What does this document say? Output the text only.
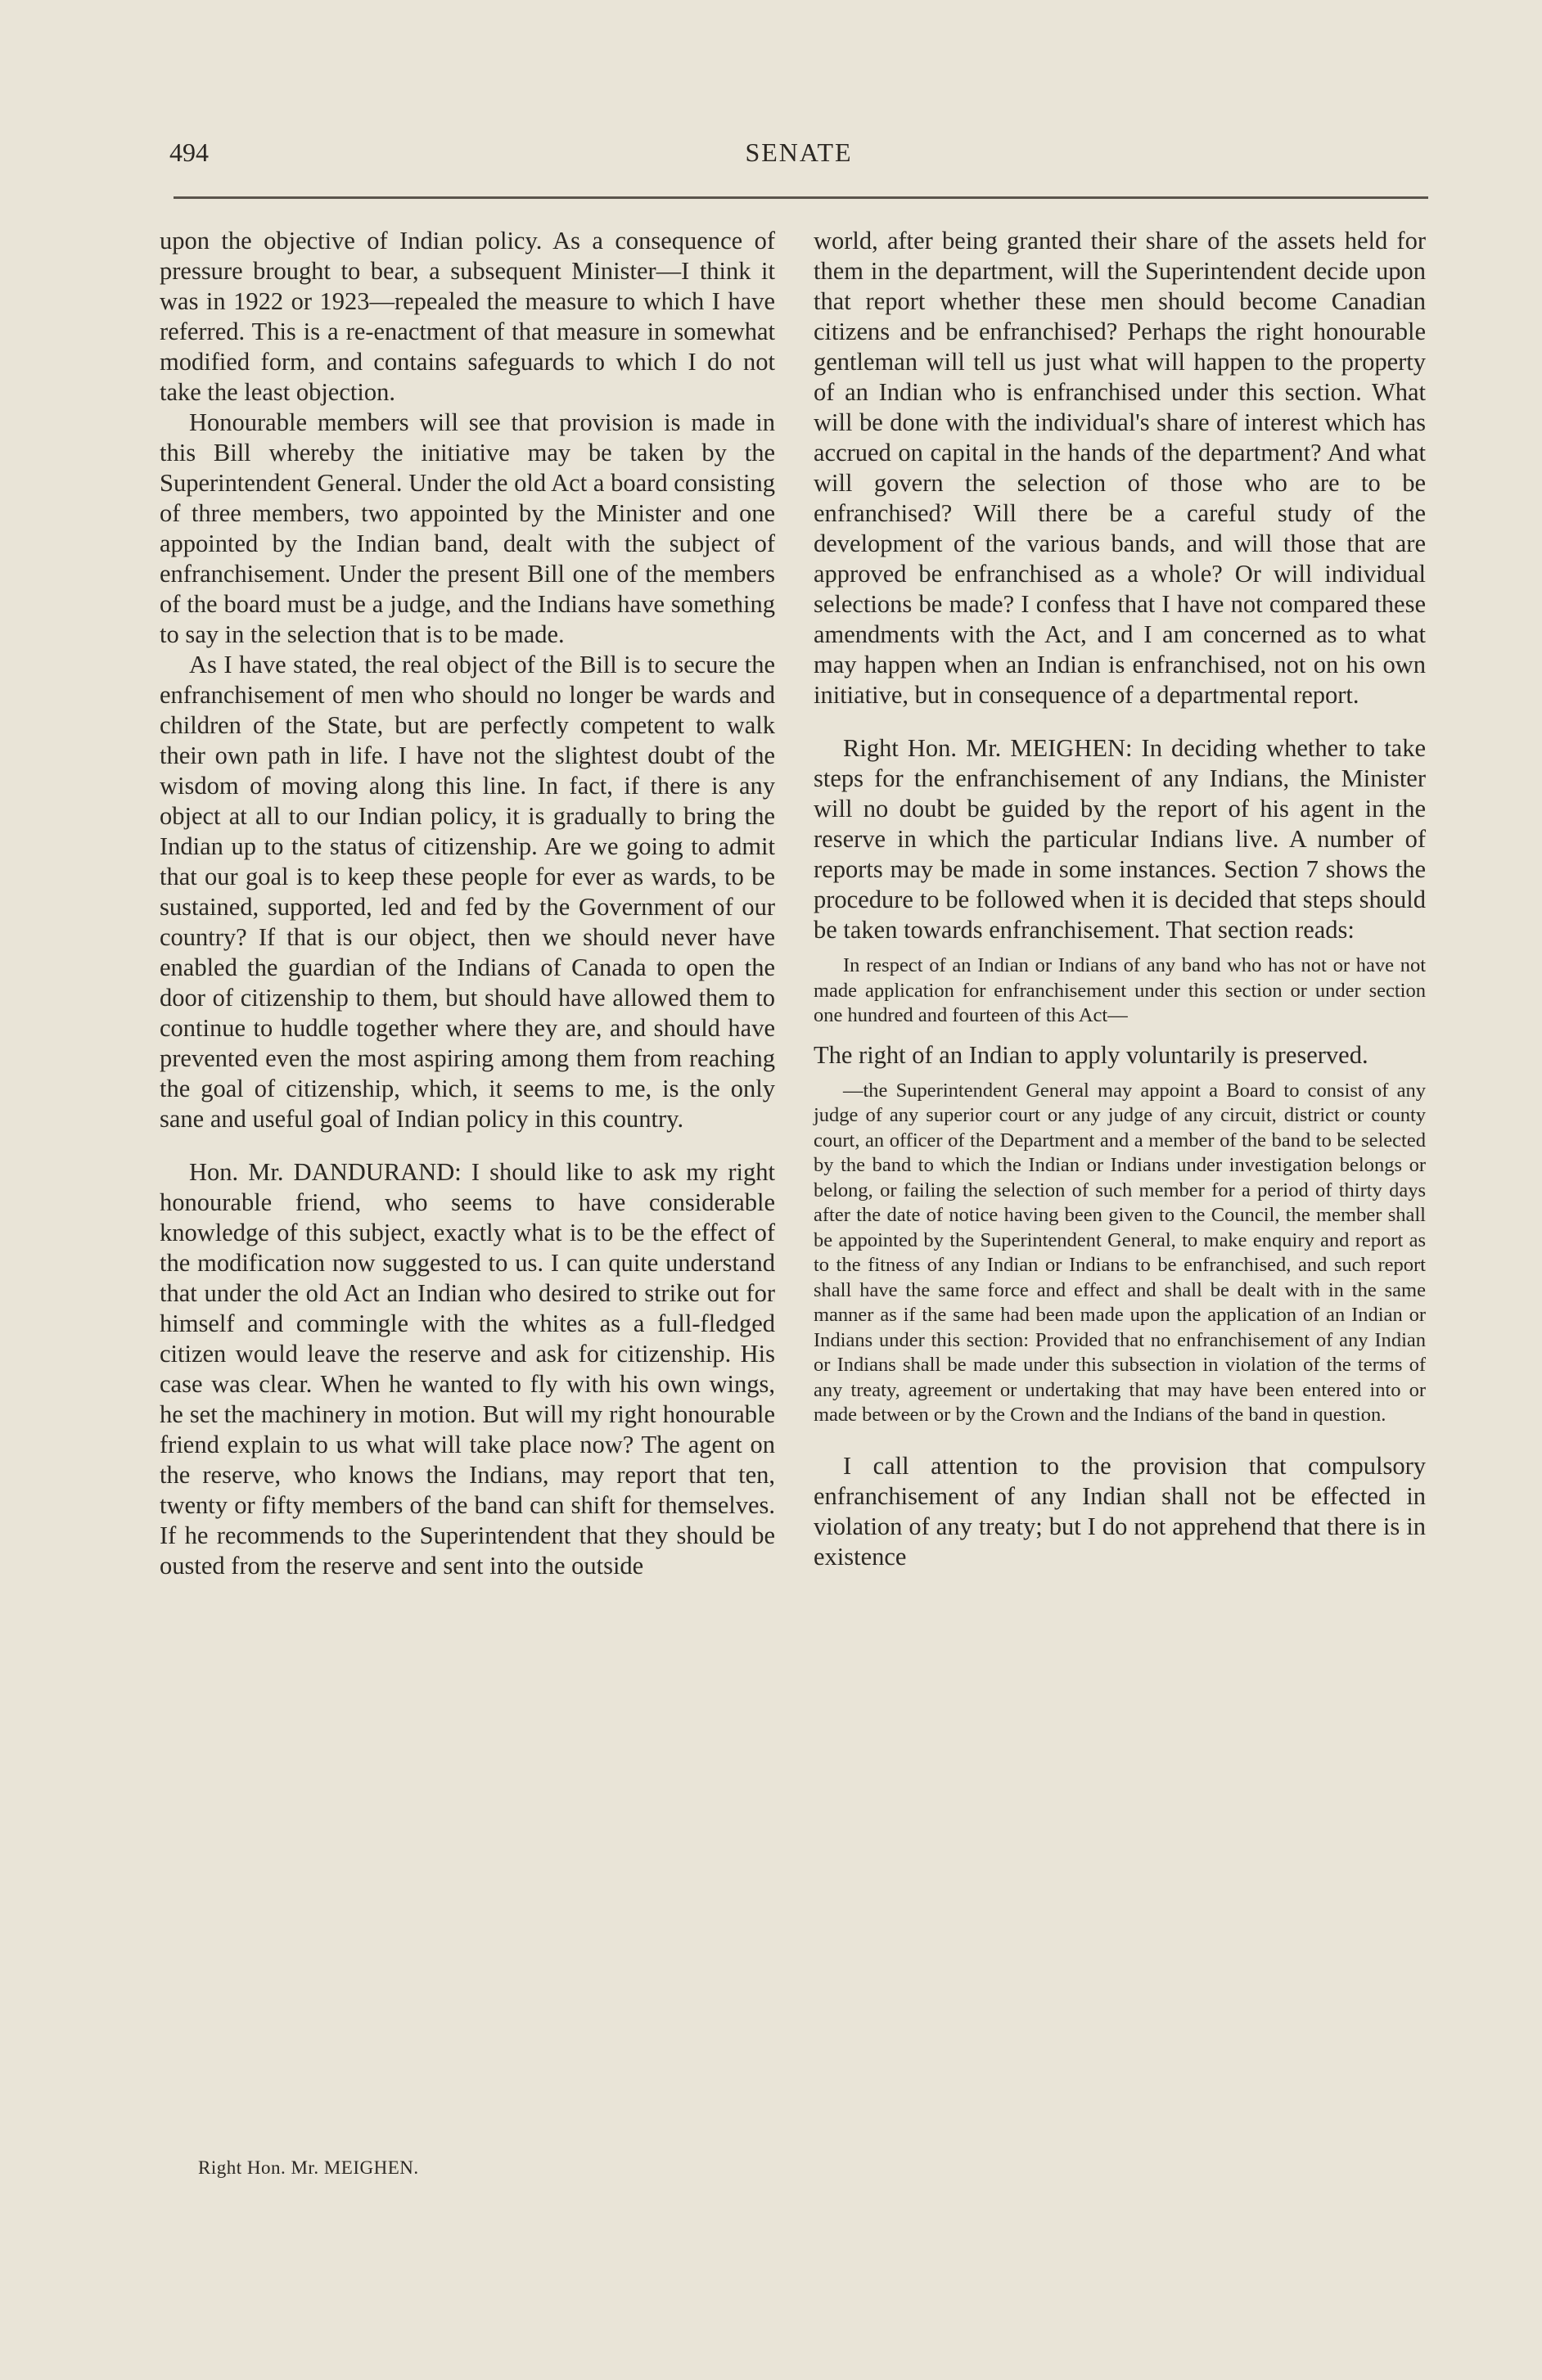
494	SENATE

upon the objective of Indian policy. As a consequence of pressure brought to bear, a subsequent Minister—I think it was in 1922 or 1923—repealed the measure to which I have referred. This is a re-enactment of that measure in somewhat modified form, and contains safeguards to which I do not take the least objection.

Honourable members will see that provision is made in this Bill whereby the initiative may be taken by the Superintendent General. Under the old Act a board consisting of three members, two appointed by the Minister and one appointed by the Indian band, dealt with the subject of enfranchisement. Under the present Bill one of the members of the board must be a judge, and the Indians have something to say in the selection that is to be made.

As I have stated, the real object of the Bill is to secure the enfranchisement of men who should no longer be wards and children of the State, but are perfectly competent to walk their own path in life. I have not the slightest doubt of the wisdom of moving along this line. In fact, if there is any object at all to our Indian policy, it is gradually to bring the Indian up to the status of citizenship. Are we going to admit that our goal is to keep these people for ever as wards, to be sustained, supported, led and fed by the Government of our country? If that is our object, then we should never have enabled the guardian of the Indians of Canada to open the door of citizenship to them, but should have allowed them to continue to huddle together where they are, and should have prevented even the most aspiring among them from reaching the goal of citizenship, which, it seems to me, is the only sane and useful goal of Indian policy in this country.

Hon. Mr. DANDURAND: I should like to ask my right honourable friend, who seems to have considerable knowledge of this subject, exactly what is to be the effect of the modification now suggested to us. I can quite understand that under the old Act an Indian who desired to strike out for himself and commingle with the whites as a full-fledged citizen would leave the reserve and ask for citizenship. His case was clear. When he wanted to fly with his own wings, he set the machinery in motion. But will my right honourable friend explain to us what will take place now? The agent on the reserve, who knows the Indians, may report that ten, twenty or fifty members of the band can shift for themselves. If he recommends to the Superintendent that they should be ousted from the reserve and sent into the outside

world, after being granted their share of the assets held for them in the department, will the Superintendent decide upon that report whether these men should become Canadian citizens and be enfranchised? Perhaps the right honourable gentleman will tell us just what will happen to the property of an Indian who is enfranchised under this section. What will be done with the individual's share of interest which has accrued on capital in the hands of the department? And what will govern the selection of those who are to be enfranchised? Will there be a careful study of the development of the various bands, and will those that are approved be enfranchised as a whole? Or will individual selections be made? I confess that I have not compared these amendments with the Act, and I am concerned as to what may happen when an Indian is enfranchised, not on his own initiative, but in consequence of a departmental report.

Right Hon. Mr. MEIGHEN: In deciding whether to take steps for the enfranchisement of any Indians, the Minister will no doubt be guided by the report of his agent in the reserve in which the particular Indians live. A number of reports may be made in some instances. Section 7 shows the procedure to be followed when it is decided that steps should be taken towards enfranchisement. That section reads:

In respect of an Indian or Indians of any band who has not or have not made application for enfranchisement under this section or under section one hundred and fourteen of this Act—

The right of an Indian to apply voluntarily is preserved.

—the Superintendent General may appoint a Board to consist of any judge of any superior court or any judge of any circuit, district or county court, an officer of the Department and a member of the band to be selected by the band to which the Indian or Indians under investigation belongs or belong, or failing the selection of such member for a period of thirty days after the date of notice having been given to the Council, the member shall be appointed by the Superintendent General, to make enquiry and report as to the fitness of any Indian or Indians to be enfranchised, and such report shall have the same force and effect and shall be dealt with in the same manner as if the same had been made upon the application of an Indian or Indians under this section: Provided that no enfranchisement of any Indian or Indians shall be made under this subsection in violation of the terms of any treaty, agreement or undertaking that may have been entered into or made between or by the Crown and the Indians of the band in question.

I call attention to the provision that compulsory enfranchisement of any Indian shall not be effected in violation of any treaty; but I do not apprehend that there is in existence

Right Hon. Mr. MEIGHEN.
